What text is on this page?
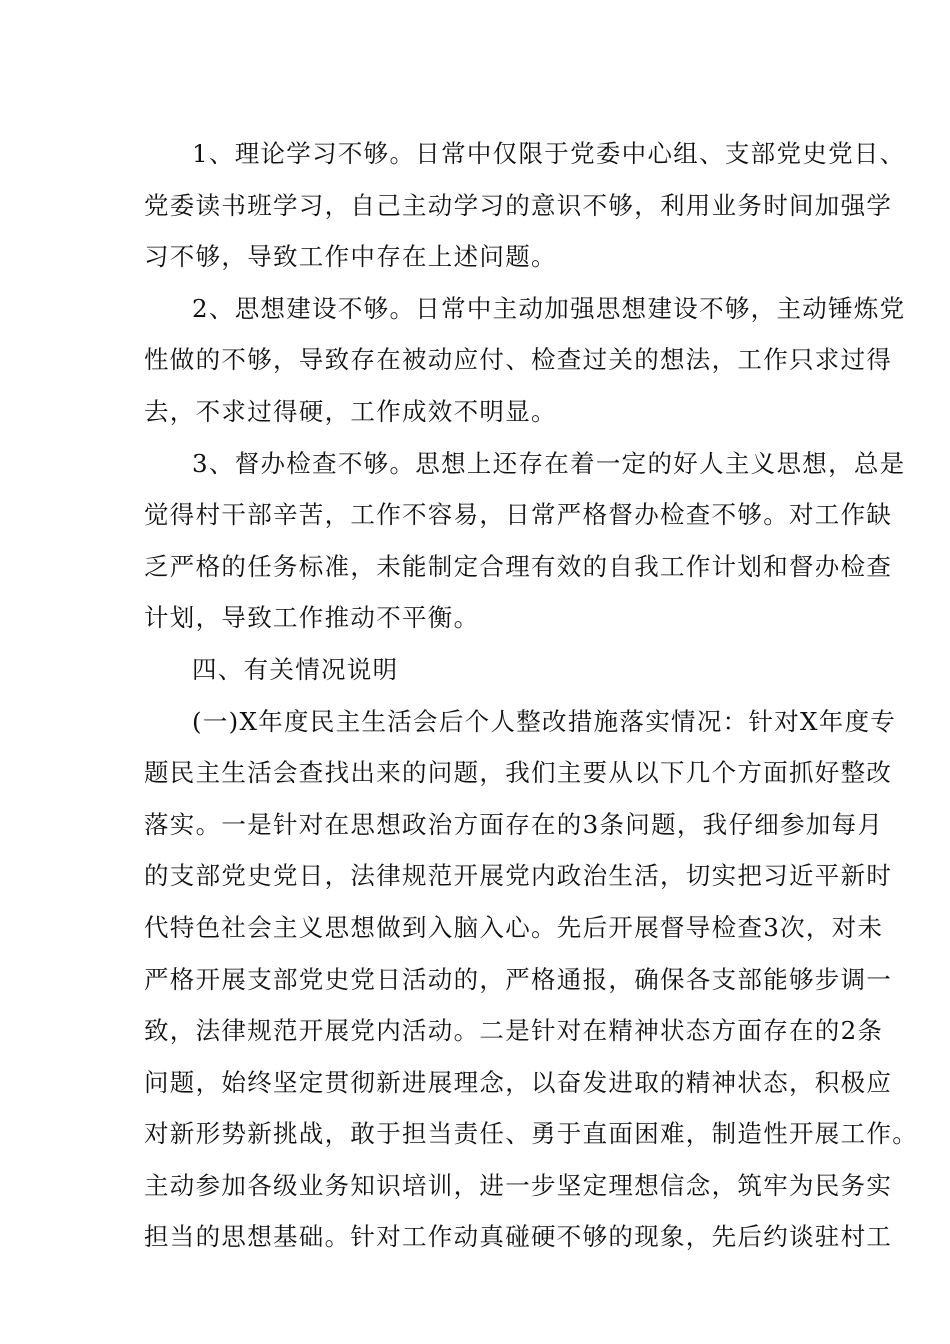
1、理论学习不够。日常中仅限于党委中心组、支部党史党日、
党委读书班学习，自己主动学习的意识不够，利用业务时间加强学
习不够，导致工作中存在上述问题。
2、思想建设不够。日常中主动加强思想建设不够，主动锤炼党
性做的不够，导致存在被动应付、检查过关的想法，工作只求过得
去，不求过得硬，工作成效不明显。
3、督办检查不够。思想上还存在着一定的好人主义思想，总是
觉得村干部辛苦，工作不容易，日常严格督办检查不够。对工作缺
乏严格的任务标准，未能制定合理有效的自我工作计划和督办检查
计划，导致工作推动不平衡。
四、有关情况说明
(一)X年度民主生活会后个人整改措施落实情况：针对X年度专
题民主生活会查找出来的问题，我们主要从以下几个方面抓好整改
落实。一是针对在思想政治方面存在的3条问题，我仔细参加每月
的支部党史党日，法律规范开展党内政治生活，切实把习近平新时
代特色社会主义思想做到入脑入心。先后开展督导检查3次，对未
严格开展支部党史党日活动的，严格通报，确保各支部能够步调一
致，法律规范开展党内活动。二是针对在精神状态方面存在的2条
问题，始终坚定贯彻新进展理念，以奋发进取的精神状态，积极应
对新形势新挑战，敢于担当责任、勇于直面困难，制造性开展工作。
主动参加各级业务知识培训，进一步坚定理想信念，筑牢为民务实
担当的思想基础。针对工作动真碰硬不够的现象，先后约谈驻村工
